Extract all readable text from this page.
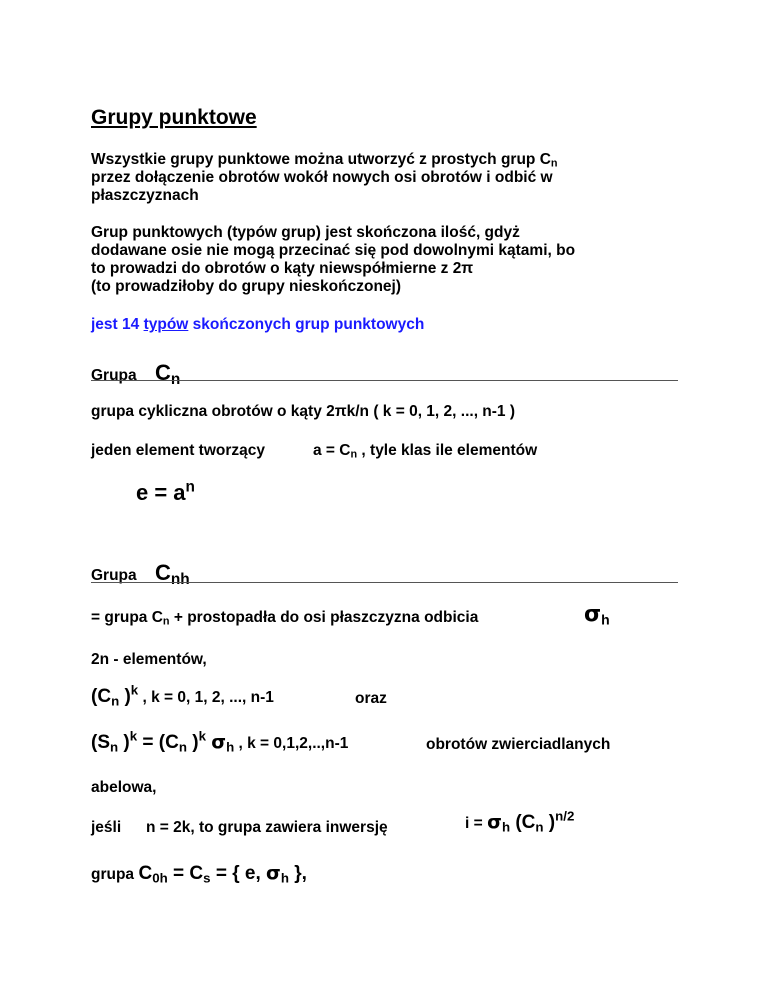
Grupy punktowe
Wszystkie grupy punktowe można utworzyć z prostych grup $C_n$
przez dołączenie obrotów wokół nowych osi obrotów i odbić w
płaszczyznach
Grup punktowych (typów grup) jest skończona ilość, gdyż
dodawane osie nie mogą przecinać się pod dowolnymi kątami, bo
to prowadzi do obrotów o kąty niewspółmierne z 2π
(to prowadziłoby do grupy nieskończonej)
jest 14 typów skończonych grup punktowych
Grupa $C_n$
grupa cykliczna obrotów o kąty 2πk/n ( k = 0, 1, 2, ..., n-1 )
jeden element tworzący	$a = C_n$ , tyle klas ile elementów
$e = a^n$
Grupa $C_{nh}$
= grupa $C_n$ + prostopadła do osi płaszczyzna odbicia	$\sigma_h$
2n - elementów,
($C_n$ )$^k$ , k = 0, 1, 2, ..., n-1	oraz
($S_n$ )$^k = (C_n$ )$^k$ $\sigma_h$ , k = 0,1,2,..,n-1	obrotów zwierciadlanych
abelowa,
jeśli n = 2k, to grupa zawiera inwersję	$i = \sigma_h$ ($C_n$ )$^{n/2}$
grupa $C_{0h} = C_s$ = { e, $\sigma_h$ },
